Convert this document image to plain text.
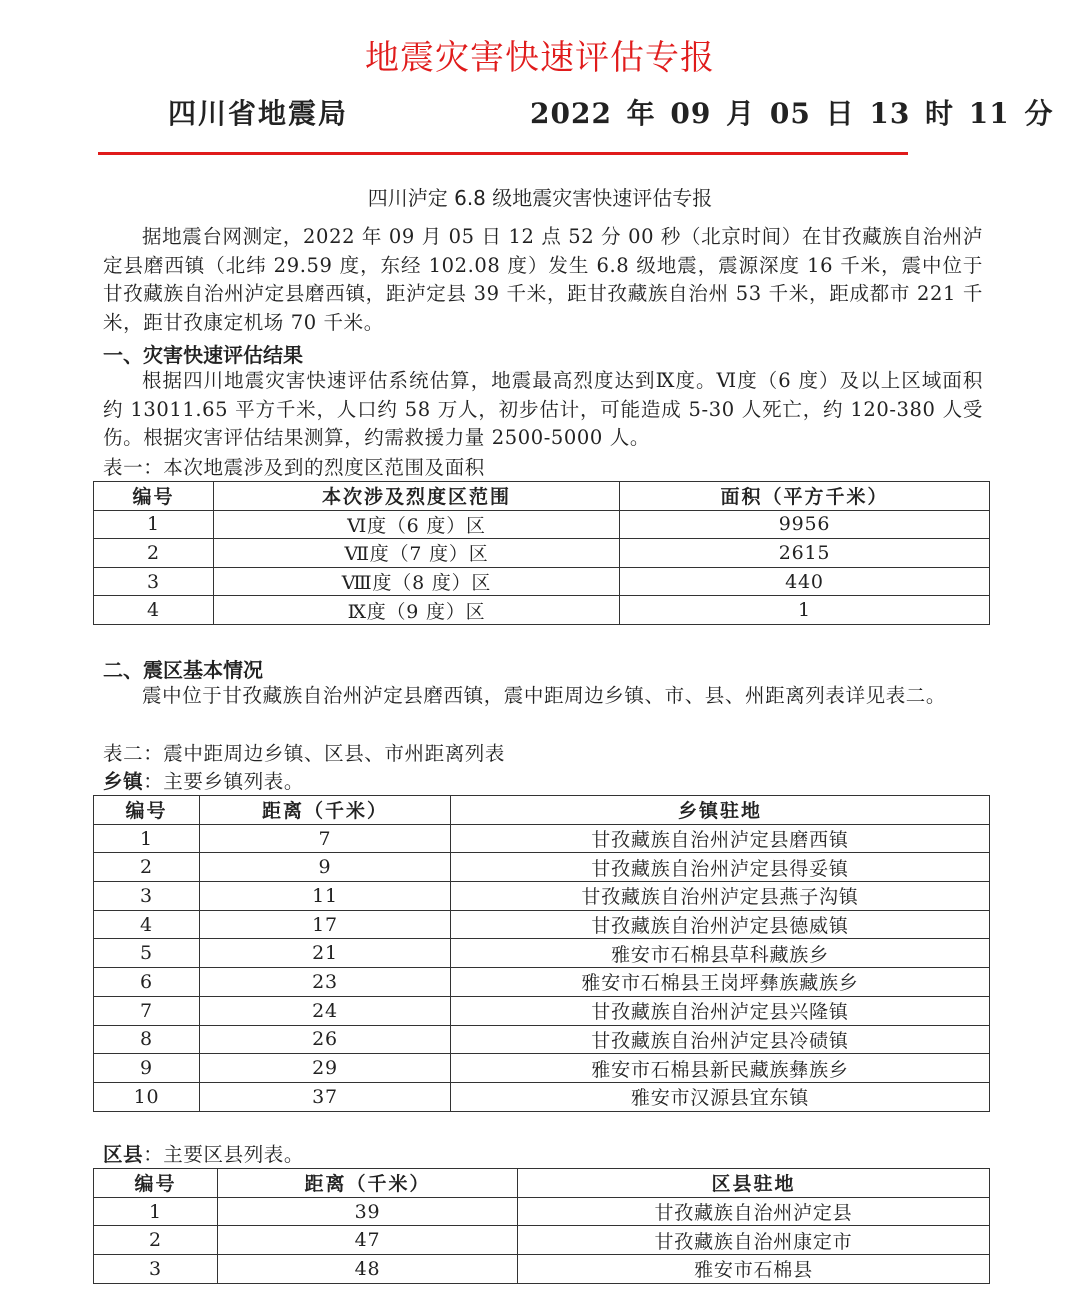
地震灾害快速评估专报
四川省地震局	2022 年 09 月 05 日 13 时 11 分
四川泸定 6.8 级地震灾害快速评估专报

据地震台网测定，2022 年 09 月 05 日 12 点 52 分 00 秒（北京时间）在甘孜藏族自治州泸定县磨西镇（北纬 29.59 度，东经 102.08 度）发生 6.8 级地震，震源深度 16 千米，震中位于甘孜藏族自治州泸定县磨西镇，距泸定县 39 千米，距甘孜藏族自治州 53 千米，距成都市 221 千米，距甘孜康定机场 70 千米。

一、灾害快速评估结果

根据四川地震灾害快速评估系统估算，地震最高烈度达到Ⅸ度。Ⅵ度（6 度）及以上区域面积约 13011.65 平方千米，人口约 58 万人，初步估计，可能造成 5-30 人死亡，约 120-380 人受伤。根据灾害评估结果测算，约需救援力量 2500-5000 人。

表一：本次地震涉及到的烈度区范围及面积
编号	本次涉及烈度区范围	面积（平方千米）
1	Ⅵ度（6 度）区	9956
2	Ⅶ度（7 度）区	2615
3	Ⅷ度（8 度）区	440
4	Ⅸ度（9 度）区	1
二、震区基本情况

震中位于甘孜藏族自治州泸定县磨西镇，震中距周边乡镇、市、县、州距离列表详见表二。

表二：震中距周边乡镇、区县、市州距离列表
乡镇：主要乡镇列表。
编号	距离（千米）	乡镇驻地
1	7	甘孜藏族自治州泸定县磨西镇
2	9	甘孜藏族自治州泸定县得妥镇
3	11	甘孜藏族自治州泸定县燕子沟镇
4	17	甘孜藏族自治州泸定县德威镇
5	21	雅安市石棉县草科藏族乡
6	23	雅安市石棉县王岗坪彝族藏族乡
7	24	甘孜藏族自治州泸定县兴隆镇
8	26	甘孜藏族自治州泸定县冷碛镇
9	29	雅安市石棉县新民藏族彝族乡
10	37	雅安市汉源县宜东镇
区县：主要区县列表。
编号	距离（千米）	区县驻地
1	39	甘孜藏族自治州泸定县
2	47	甘孜藏族自治州康定市
3	48	雅安市石棉县
